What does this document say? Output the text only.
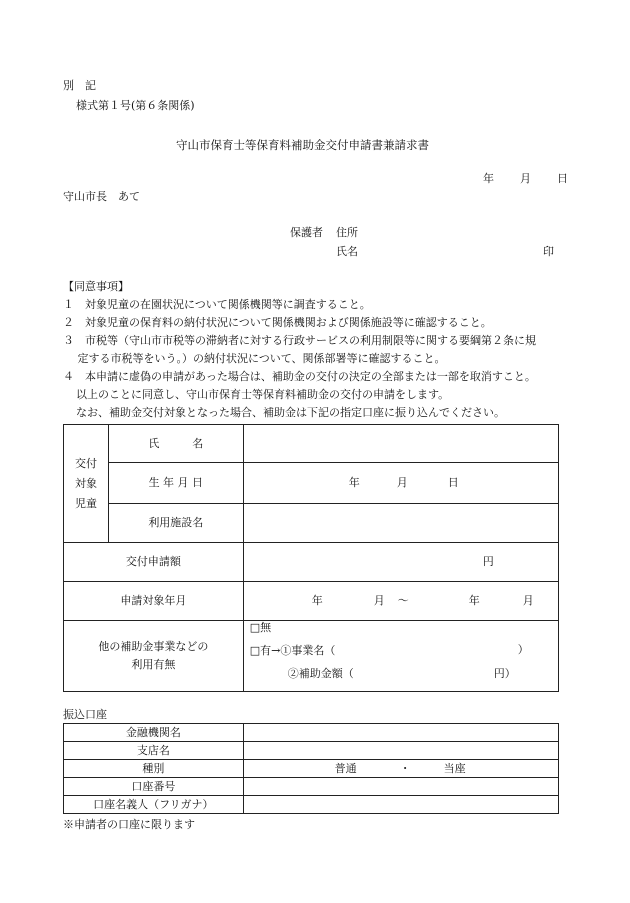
別　記
様式第１号(第６条関係)
守山市保育士等保育料補助金交付申請書兼請求書
年 月 日
守山市長　あて
保護者 住所
氏名	印
【同意事項】
１　対象児童の在園状況について関係機関等に調査すること。
２　対象児童の保育料の納付状況について関係機関および関係施設等に確認すること。
３　市税等（守山市市税等の滞納者に対する行政サービスの利用制限等に関する要綱第２条に規
　 定する市税等をいう。）の納付状況について、関係部署等に確認すること。
４　本申請に虚偽の申請があった場合は、補助金の交付の決定の全部または一部を取消すこと。
以上のことに同意し、守山市保育士等保育料補助金の交付の申請をします。
なお、補助金交付対象となった場合、補助金は下記の指定口座に振り込んでください。
交付
対象
児童	氏　　　名	
	生 年 月 日	年 月 日

	利用施設名	
交付申請額		円

申請対象年月		年 月 ～ 年 月

他の補助金事業などの
利用有無		□無
□有→①事業名（ ）
②補助金額（ 円）
振込口座
金融機関名	
支店名	
種別	普通 ・ 当座

口座番号	
口座名義人（フリガナ）	
※申請者の口座に限ります
